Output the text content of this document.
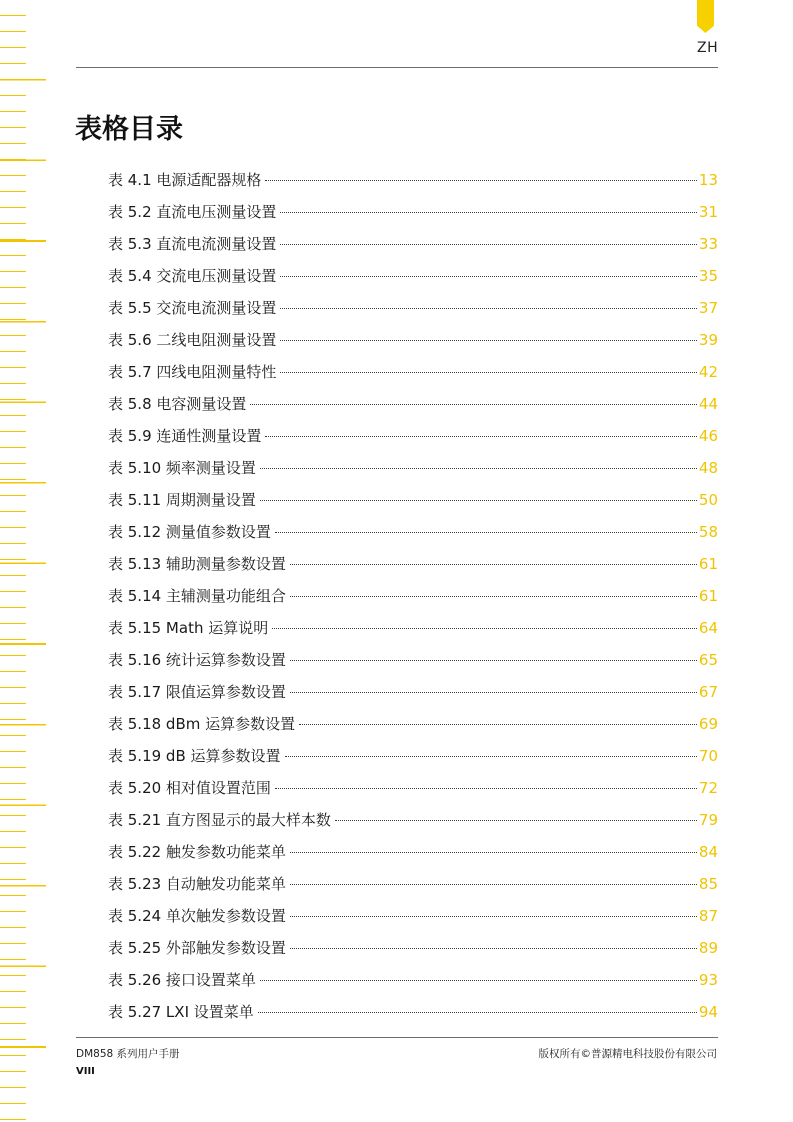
ZH
表格目录
表 4.1 电源适配器规格	13
表 5.2 直流电压测量设置	31
表 5.3 直流电流测量设置	33
表 5.4 交流电压测量设置	35
表 5.5 交流电流测量设置	37
表 5.6 二线电阻测量设置	39
表 5.7 四线电阻测量特性	42
表 5.8 电容测量设置	44
表 5.9 连通性测量设置	46
表 5.10 频率测量设置	48
表 5.11 周期测量设置	50
表 5.12 测量值参数设置	58
表 5.13 辅助测量参数设置	61
表 5.14 主辅测量功能组合	61
表 5.15 Math 运算说明	64
表 5.16 统计运算参数设置	65
表 5.17 限值运算参数设置	67
表 5.18 dBm 运算参数设置	69
表 5.19 dB 运算参数设置	70
表 5.20 相对值设置范围	72
表 5.21 直方图显示的最大样本数	79
表 5.22 触发参数功能菜单	84
表 5.23 自动触发功能菜单	85
表 5.24 单次触发参数设置	87
表 5.25 外部触发参数设置	89
表 5.26 接口设置菜单	93
表 5.27 LXI 设置菜单	94
DM858 系列用户手册	版权所有©普源精电科技股份有限公司
VIII
